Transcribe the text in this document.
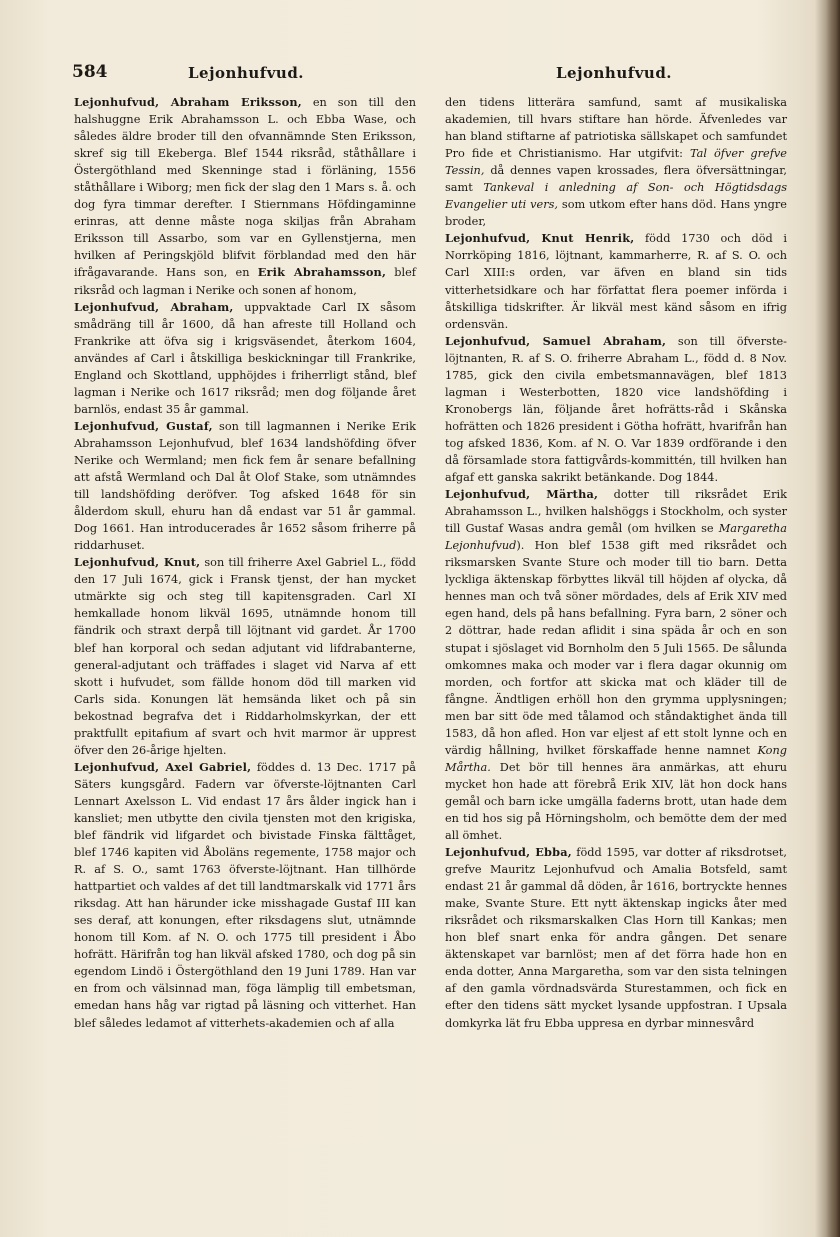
584	Lejonhufvud.	Lejonhufvud.

Lejonhufvud, Abraham Eriksson, en son till den halshuggne Erik Abrahamsson L. och Ebba Wase, och således äldre broder till den ofvannämnde Sten Eriksson, skref sig till Ekeberga. Blef 1544 riksråd, ståthållare i Östergöthland med Skenninge stad i förläning, 1556 ståthållare i Wiborg; men fick der slag den 1 Mars s. å. och dog fyra timmar derefter. I Stiernmans Höfdingaminne erinras, att denne måste noga skiljas från Abraham Eriksson till Assarbo, som var en Gyllenstjerna, men hvilken af Peringskjöld blifvit förblandad med den här ifrågavarande. Hans son, en Erik Abrahamsson, blef riksråd och lagman i Nerike och sonen af honom,

Lejonhufvud, Abraham, uppvaktade Carl IX såsom smådräng till år 1600, då han afreste till Holland och Frankrike att öfva sig i krigsväsendet, återkom 1604, användes af Carl i åtskilliga beskickningar till Frankrike, England och Skottland, upphöjdes i friherrligt stånd, blef lagman i Nerike och 1617 riksråd; men dog följande året barnlös, endast 35 år gammal.

Lejonhufvud, Gustaf, son till lagmannen i Nerike Erik Abrahamsson Lejonhufvud, blef 1634 landshöfding öfver Nerike och Wermland; men fick fem år senare befallning att afstå Wermland och Dal åt Olof Stake, som utnämndes till landshöfding deröfver. Tog afsked 1648 för sin ålderdom skull, ehuru han då endast var 51 år gammal. Dog 1661. Han introducerades år 1652 såsom friherre på riddarhuset.

Lejonhufvud, Knut, son till friherre Axel Gabriel L., född den 17 Juli 1674, gick i Fransk tjenst, der han mycket utmärkte sig och steg till kapitensgraden. Carl XI hemkallade honom likväl 1695, utnämnde honom till fändrik och straxt derpå till löjtnant vid gardet. År 1700 blef han korporal och sedan adjutant vid lifdrabanterne, general-adjutant och träffades i slaget vid Narva af ett skott i hufvudet, som fällde honom död till marken vid Carls sida. Konungen lät hemsända liket och på sin bekostnad begrafva det i Riddarholmskyrkan, der ett praktfullt epitafium af svart och hvit marmor är upprest öfver den 26-årige hjelten.

Lejonhufvud, Axel Gabriel, föddes d. 13 Dec. 1717 på Säters kungsgård. Fadern var öfverste-löjtnanten Carl Lennart Axelsson L. Vid endast 17 års ålder ingick han i kansliet; men utbytte den civila tjensten mot den krigiska, blef fändrik vid lifgardet och bivistade Finska fälttåget, blef 1746 kapiten vid Åboläns regemente, 1758 major och R. af S. O., samt 1763 öfverste-löjtnant. Han tillhörde hattpartiet och valdes af det till landtmarskalk vid 1771 års riksdag. Att han härunder icke misshagade Gustaf III kan ses deraf, att konungen, efter riksdagens slut, utnämnde honom till Kom. af N. O. och 1775 till president i Åbo hofrätt. Härifrån tog han likväl afsked 1780, och dog på sin egendom Lindö i Östergöthland den 19 Juni 1789. Han var en from och välsinnad man, föga lämplig till embetsman, emedan hans håg var rigtad på läsning och vitterhet. Han blef således ledamot af vitterhets-akademien och af alla

den tidens litterära samfund, samt af musikaliska akademien, till hvars stiftare han hörde. Äfvenledes var han bland stiftarne af patriotiska sällskapet och samfundet Pro fide et Christianismo. Har utgifvit: Tal öfver grefve Tessin, då dennes vapen krossades, flera öfversättningar, samt Tankeval i anledning af Son- och Högtidsdags Evangelier uti vers, som utkom efter hans död. Hans yngre broder,

Lejonhufvud, Knut Henrik, född 1730 och död i Norrköping 1816, löjtnant, kammarherre, R. af S. O. och Carl XIII:s orden, var äfven en bland sin tids vitterhetsidkare och har författat flera poemer införda i åtskilliga tidskrifter. Är likväl mest känd såsom en ifrig ordensvän.

Lejonhufvud, Samuel Abraham, son till öfverste-löjtnanten, R. af S. O. friherre Abraham L., född d. 8 Nov. 1785, gick den civila embetsmannavägen, blef 1813 lagman i Westerbotten, 1820 vice landshöfding i Kronobergs län, följande året hofrätts-råd i Skånska hofrätten och 1826 president i Götha hofrätt, hvarifrån han tog afsked 1836, Kom. af N. O. Var 1839 ordförande i den då församlade stora fattigvårds-kommittén, till hvilken han afgaf ett ganska sakrikt betänkande. Dog 1844.

Lejonhufvud, Märtha, dotter till riksrådet Erik Abrahamsson L., hvilken halshöggs i Stockholm, och syster till Gustaf Wasas andra gemål (om hvilken se Margaretha Lejonhufvud). Hon blef 1538 gift med riksrådet och riksmarsken Svante Sture och moder till tio barn. Detta lyckliga äktenskap förbyttes likväl till höjden af olycka, då hennes man och två söner mördades, dels af Erik XIV med egen hand, dels på hans befallning. Fyra barn, 2 söner och 2 döttrar, hade redan aflidit i sina späda år och en son stupat i sjöslaget vid Bornholm den 5 Juli 1565. De sålunda omkomnes maka och moder var i flera dagar okunnig om morden, och fortfor att skicka mat och kläder till de fångne. Ändtligen erhöll hon den grymma upplysningen; men bar sitt öde med tålamod och ståndaktighet ända till 1583, då hon afled. Hon var eljest af ett stolt lynne och en värdig hållning, hvilket förskaffade henne namnet Kong Mårtha. Det bör till hennes ära anmärkas, att ehuru mycket hon hade att förebrå Erik XIV, lät hon dock hans gemål och barn icke umgälla faderns brott, utan hade dem en tid hos sig på Hörningsholm, och bemötte dem der med all ömhet.

Lejonhufvud, Ebba, född 1595, var dotter af riksdrotset, grefve Mauritz Lejonhufvud och Amalia Botsfeld, samt endast 21 år gammal då döden, år 1616, bortryckte hennes make, Svante Sture. Ett nytt äktenskap ingicks åter med riksrådet och riksmarskalken Clas Horn till Kankas; men hon blef snart enka för andra gången. Det senare äktenskapet var barnlöst; men af det förra hade hon en enda dotter, Anna Margaretha, som var den sista telningen af den gamla vördnadsvärda Sturestammen, och fick en efter den tidens sätt mycket lysande uppfostran. I Upsala domkyrka lät fru Ebba uppresa en dyrbar minnesvård
